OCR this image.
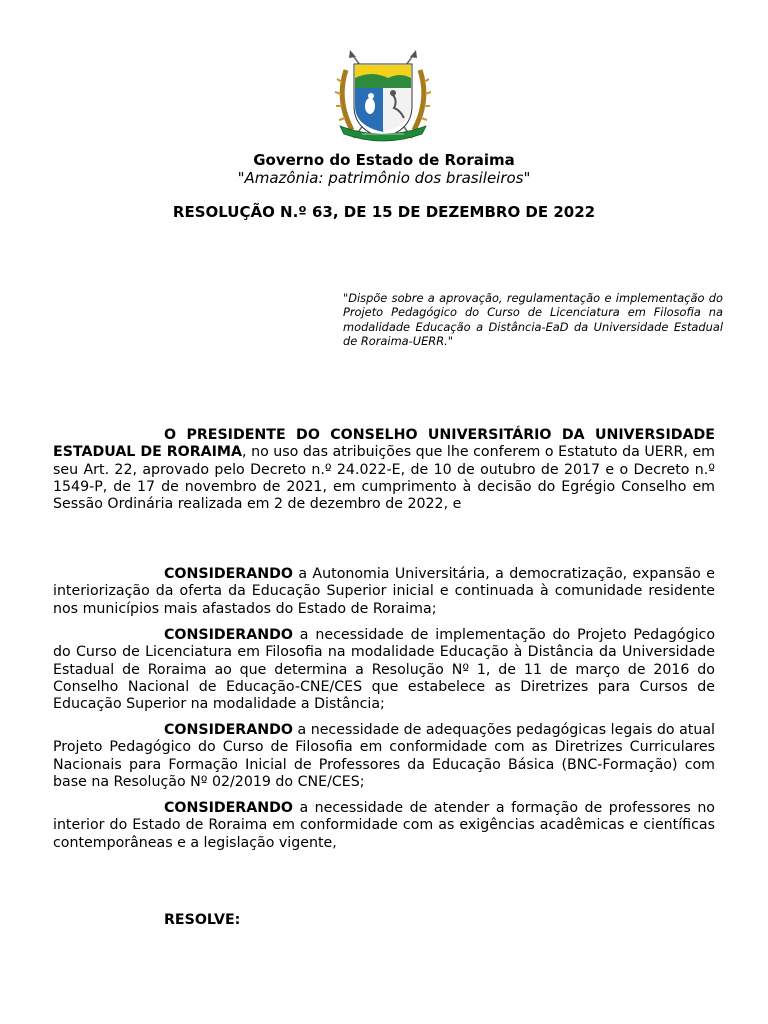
Governo do Estado de Roraima
"Amazônia: patrimônio dos brasileiros"
RESOLUÇÃO N.º 63, DE 15 DE DEZEMBRO DE 2022

"Dispõe sobre a aprovação, regulamentação e implementação do Projeto Pedagógico do Curso de Licenciatura em Filosofia na modalidade Educação a Distância-EaD da Universidade Estadual de Roraima-UERR."

O PRESIDENTE DO CONSELHO UNIVERSITÁRIO DA UNIVERSIDADE ESTADUAL DE RORAIMA, no uso das atribuições que lhe conferem o Estatuto da UERR, em seu Art. 22, aprovado pelo Decreto n.º 24.022-E, de 10 de outubro de 2017 e o Decreto n.º 1549-P, de 17 de novembro de 2021, em cumprimento à decisão do Egrégio Conselho em Sessão Ordinária realizada em 2 de dezembro de 2022, e

CONSIDERANDO a Autonomia Universitária, a democratização, expansão e interiorização da oferta da Educação Superior inicial e continuada à comunidade residente nos municípios mais afastados do Estado de Roraima;

CONSIDERANDO a necessidade de implementação do Projeto Pedagógico do Curso de Licenciatura em Filosofia na modalidade Educação à Distância da Universidade Estadual de Roraima ao que determina a Resolução Nº 1, de 11 de março de 2016 do Conselho Nacional de Educação-CNE/CES que estabelece as Diretrizes para Cursos de Educação Superior na modalidade a Distância;

CONSIDERANDO a necessidade de adequações pedagógicas legais do atual Projeto Pedagógico do Curso de Filosofia em conformidade com as Diretrizes Curriculares Nacionais para Formação Inicial de Professores da Educação Básica (BNC-Formação) com base na Resolução Nº 02/2019 do CNE/CES;

CONSIDERANDO a necessidade de atender a formação de professores no interior do Estado de Roraima em conformidade com as exigências acadêmicas e científicas contemporâneas e a legislação vigente,

RESOLVE:
